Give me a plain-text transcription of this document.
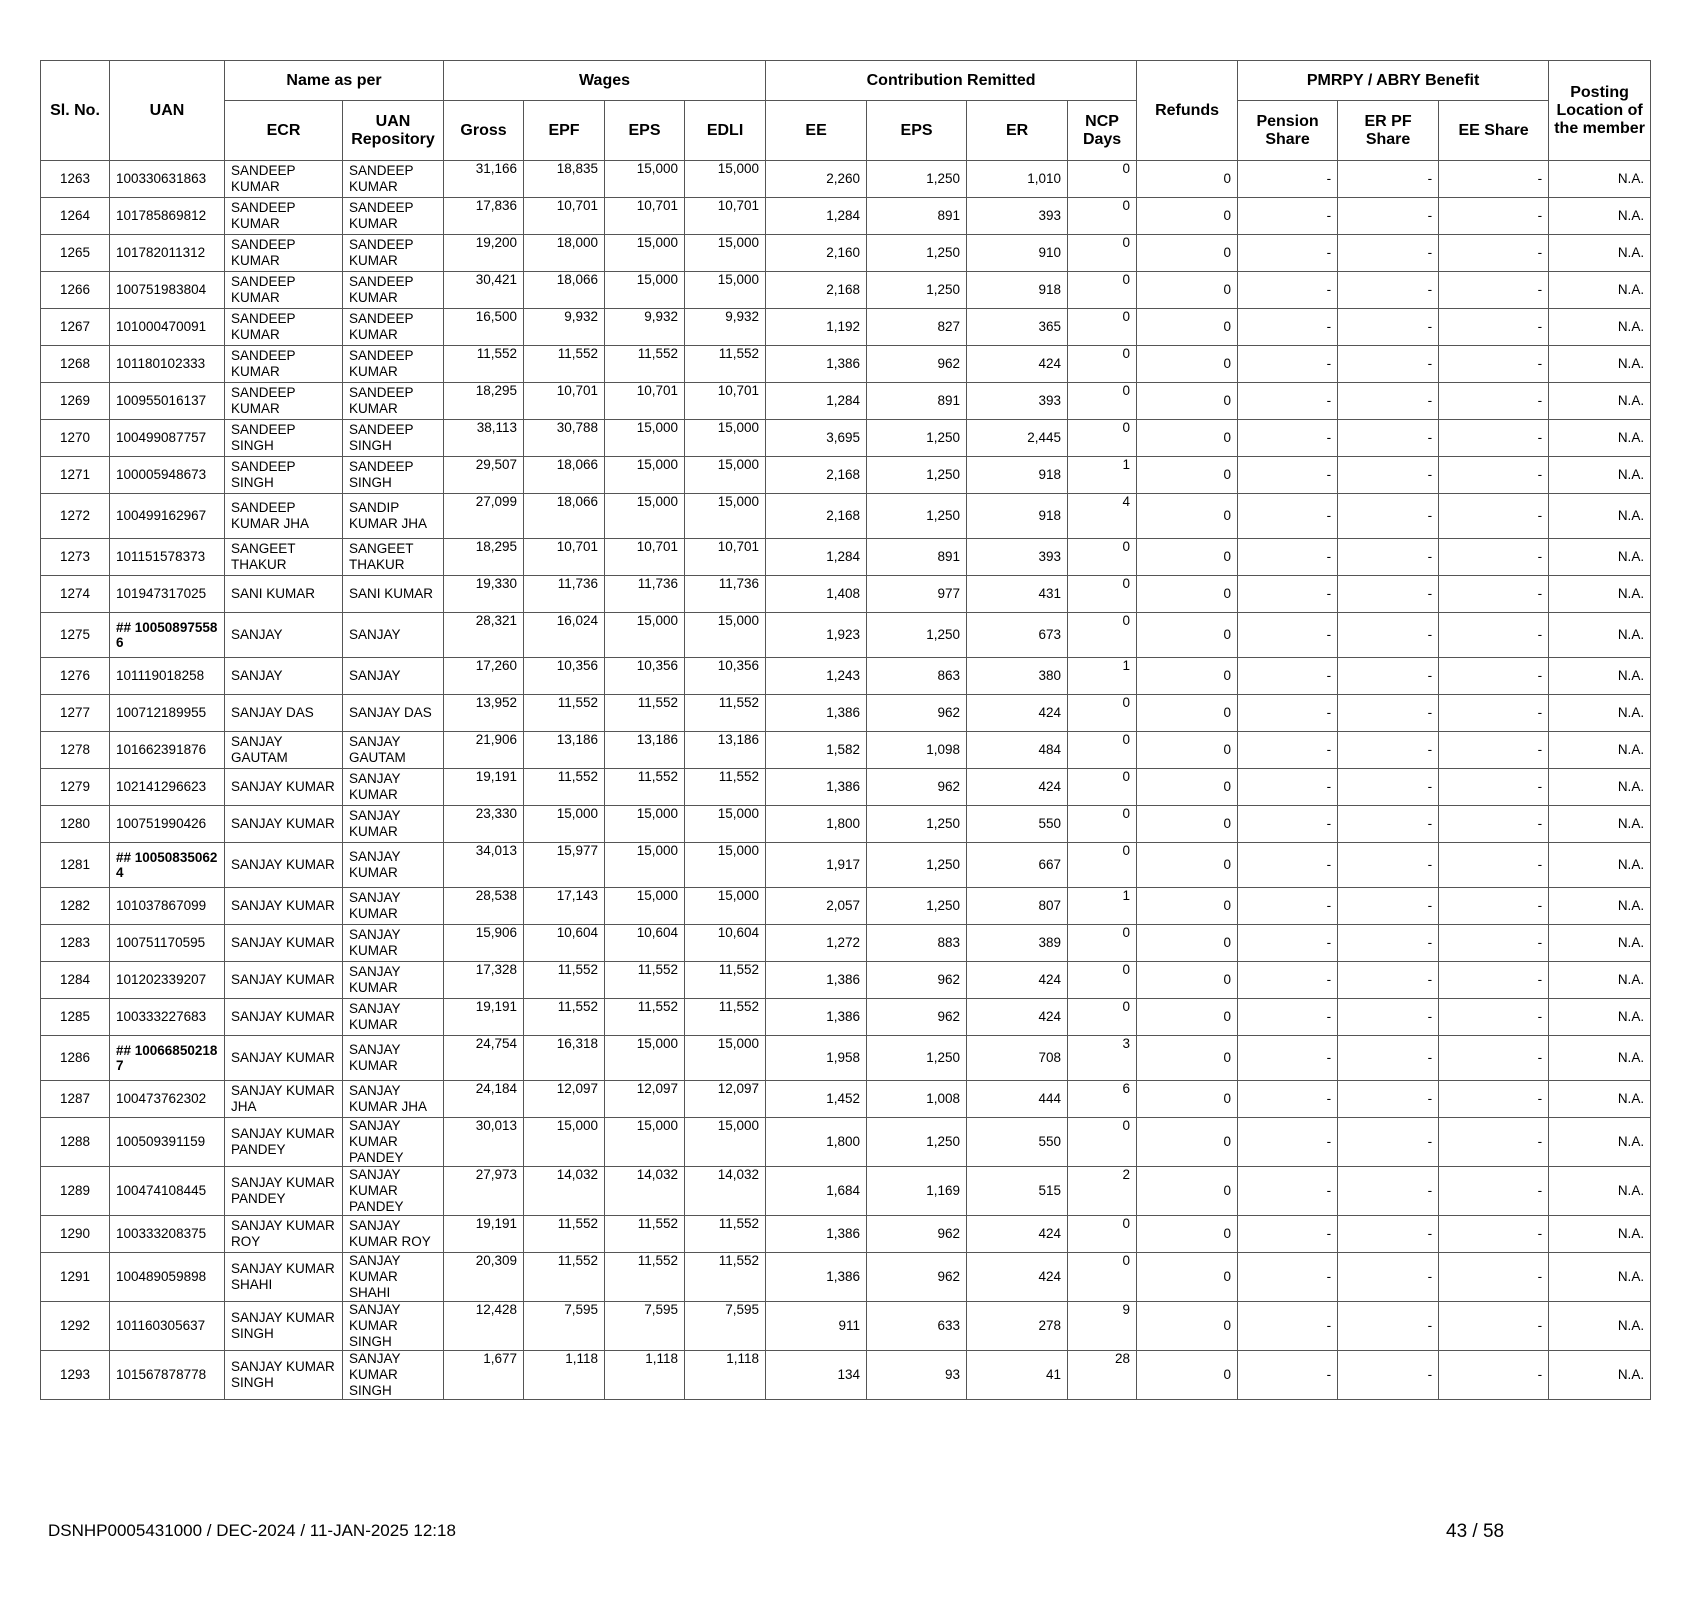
Sl. No.	UAN	Name as per		Wages				Contribution Remitted				Refunds	PMRPY / ABRY Benefit			Posting Location of the member
		ECR	UAN Repository	Gross	EPF	EPS	EDLI	EE	EPS	ER	NCP Days		Pension Share	ER PF Share	EE Share	
1263	100330631863	SANDEEP KUMAR	SANDEEP KUMAR	31,166	18,835	15,000	15,000	2,260	1,250	1,010	0	0	-	-	-	N.A.
1264	101785869812	SANDEEP KUMAR	SANDEEP KUMAR	17,836	10,701	10,701	10,701	1,284	891	393	0	0	-	-	-	N.A.
1265	101782011312	SANDEEP KUMAR	SANDEEP KUMAR	19,200	18,000	15,000	15,000	2,160	1,250	910	0	0	-	-	-	N.A.
1266	100751983804	SANDEEP KUMAR	SANDEEP KUMAR	30,421	18,066	15,000	15,000	2,168	1,250	918	0	0	-	-	-	N.A.
1267	101000470091	SANDEEP KUMAR	SANDEEP KUMAR	16,500	9,932	9,932	9,932	1,192	827	365	0	0	-	-	-	N.A.
1268	101180102333	SANDEEP KUMAR	SANDEEP KUMAR	11,552	11,552	11,552	11,552	1,386	962	424	0	0	-	-	-	N.A.
1269	100955016137	SANDEEP KUMAR	SANDEEP KUMAR	18,295	10,701	10,701	10,701	1,284	891	393	0	0	-	-	-	N.A.
1270	100499087757	SANDEEP SINGH	SANDEEP SINGH	38,113	30,788	15,000	15,000	3,695	1,250	2,445	0	0	-	-	-	N.A.
1271	100005948673	SANDEEP SINGH	SANDEEP SINGH	29,507	18,066	15,000	15,000	2,168	1,250	918	1	0	-	-	-	N.A.
1272	100499162967	SANDEEP KUMAR JHA	SANDIP KUMAR JHA	27,099	18,066	15,000	15,000	2,168	1,250	918	4	0	-	-	-	N.A.
1273	101151578373	SANGEET THAKUR	SANGEET THAKUR	18,295	10,701	10,701	10,701	1,284	891	393	0	0	-	-	-	N.A.
1274	101947317025	SANI KUMAR	SANI KUMAR	19,330	11,736	11,736	11,736	1,408	977	431	0	0	-	-	-	N.A.
1275	## 10050897558 6	SANJAY	SANJAY	28,321	16,024	15,000	15,000	1,923	1,250	673	0	0	-	-	-	N.A.
1276	101119018258	SANJAY	SANJAY	17,260	10,356	10,356	10,356	1,243	863	380	1	0	-	-	-	N.A.
1277	100712189955	SANJAY DAS	SANJAY DAS	13,952	11,552	11,552	11,552	1,386	962	424	0	0	-	-	-	N.A.
1278	101662391876	SANJAY GAUTAM	SANJAY GAUTAM	21,906	13,186	13,186	13,186	1,582	1,098	484	0	0	-	-	-	N.A.
1279	102141296623	SANJAY KUMAR	SANJAY KUMAR	19,191	11,552	11,552	11,552	1,386	962	424	0	0	-	-	-	N.A.
1280	100751990426	SANJAY KUMAR	SANJAY KUMAR	23,330	15,000	15,000	15,000	1,800	1,250	550	0	0	-	-	-	N.A.
1281	## 10050835062 4	SANJAY KUMAR	SANJAY KUMAR	34,013	15,977	15,000	15,000	1,917	1,250	667	0	0	-	-	-	N.A.
1282	101037867099	SANJAY KUMAR	SANJAY KUMAR	28,538	17,143	15,000	15,000	2,057	1,250	807	1	0	-	-	-	N.A.
1283	100751170595	SANJAY KUMAR	SANJAY KUMAR	15,906	10,604	10,604	10,604	1,272	883	389	0	0	-	-	-	N.A.
1284	101202339207	SANJAY KUMAR	SANJAY KUMAR	17,328	11,552	11,552	11,552	1,386	962	424	0	0	-	-	-	N.A.
1285	100333227683	SANJAY KUMAR	SANJAY KUMAR	19,191	11,552	11,552	11,552	1,386	962	424	0	0	-	-	-	N.A.
1286	## 10066850218 7	SANJAY KUMAR	SANJAY KUMAR	24,754	16,318	15,000	15,000	1,958	1,250	708	3	0	-	-	-	N.A.
1287	100473762302	SANJAY KUMAR JHA	SANJAY KUMAR JHA	24,184	12,097	12,097	12,097	1,452	1,008	444	6	0	-	-	-	N.A.
1288	100509391159	SANJAY KUMAR PANDEY	SANJAY KUMAR PANDEY	30,013	15,000	15,000	15,000	1,800	1,250	550	0	0	-	-	-	N.A.
1289	100474108445	SANJAY KUMAR PANDEY	SANJAY KUMAR PANDEY	27,973	14,032	14,032	14,032	1,684	1,169	515	2	0	-	-	-	N.A.
1290	100333208375	SANJAY KUMAR ROY	SANJAY KUMAR ROY	19,191	11,552	11,552	11,552	1,386	962	424	0	0	-	-	-	N.A.
1291	100489059898	SANJAY KUMAR SHAHI	SANJAY KUMAR SHAHI	20,309	11,552	11,552	11,552	1,386	962	424	0	0	-	-	-	N.A.
1292	101160305637	SANJAY KUMAR SINGH	SANJAY KUMAR SINGH	12,428	7,595	7,595	7,595	911	633	278	9	0	-	-	-	N.A.
1293	101567878778	SANJAY KUMAR SINGH	SANJAY KUMAR SINGH	1,677	1,118	1,118	1,118	134	93	41	28	0	-	-	-	N.A.
DSNHP0005431000 / DEC-2024 / 11-JAN-2025 12:18	43 / 58
